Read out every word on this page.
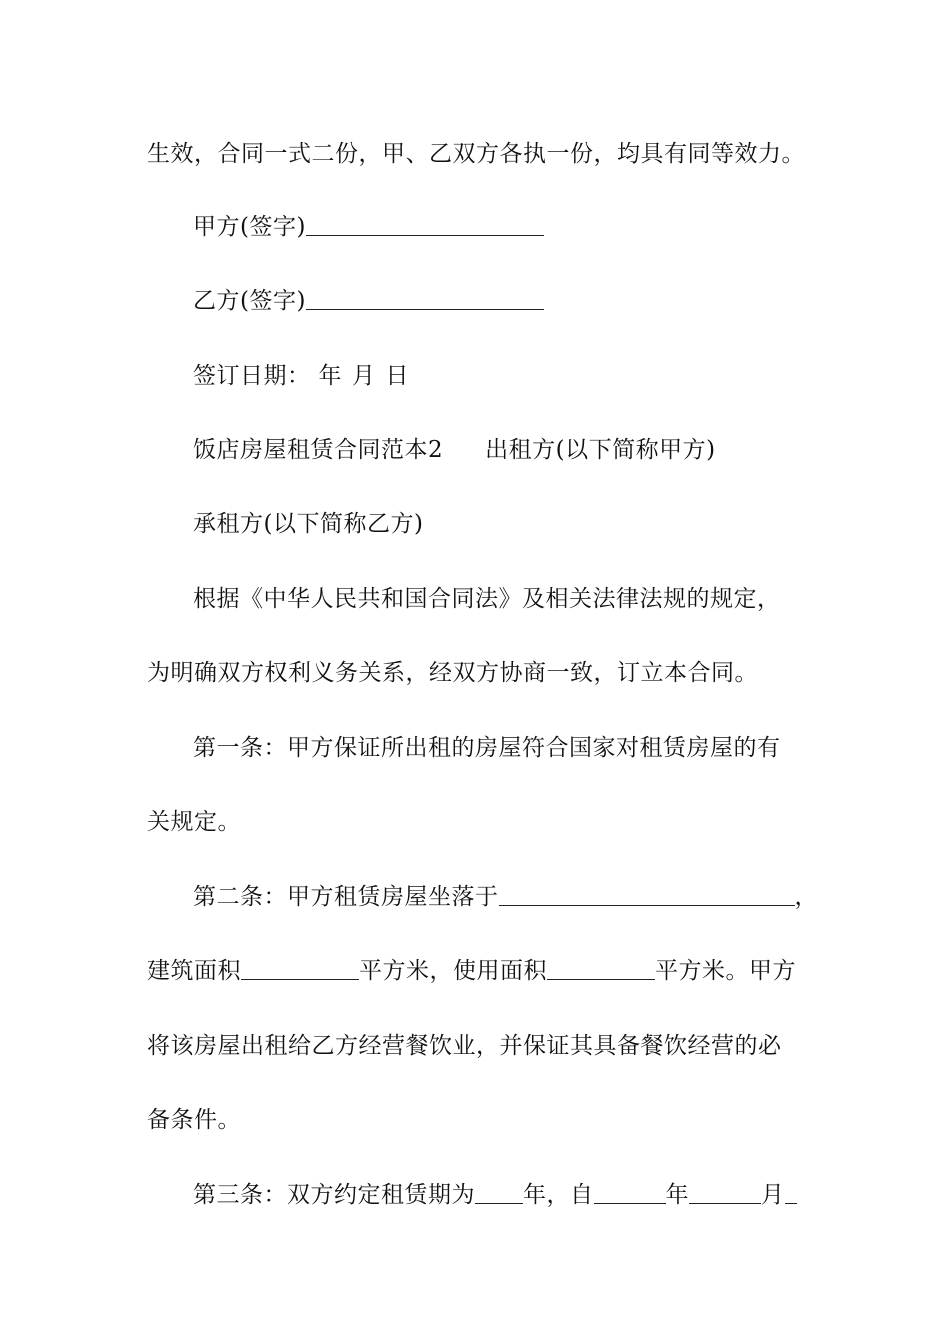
生效，合同一式二份，甲、乙双方各执一份，均具有同等效力。
甲方(签字)
乙方(签字)
签订日期： 年 月 日
饭店房屋租赁合同范本2 出租方(以下简称甲方)
承租方(以下简称乙方)
根据《中华人民共和国合同法》及相关法律法规的规定，
为明确双方权利义务关系，经双方协商一致，订立本合同。
第一条：甲方保证所出租的房屋符合国家对租赁房屋的有
关规定。
第二条：甲方租赁房屋坐落于	，
建筑面积	平方米，使用面积	平方米。甲方
将该房屋出租给乙方经营餐饮业，并保证其具备餐饮经营的必
备条件。
第三条：双方约定租赁期为 年，自	年	月
